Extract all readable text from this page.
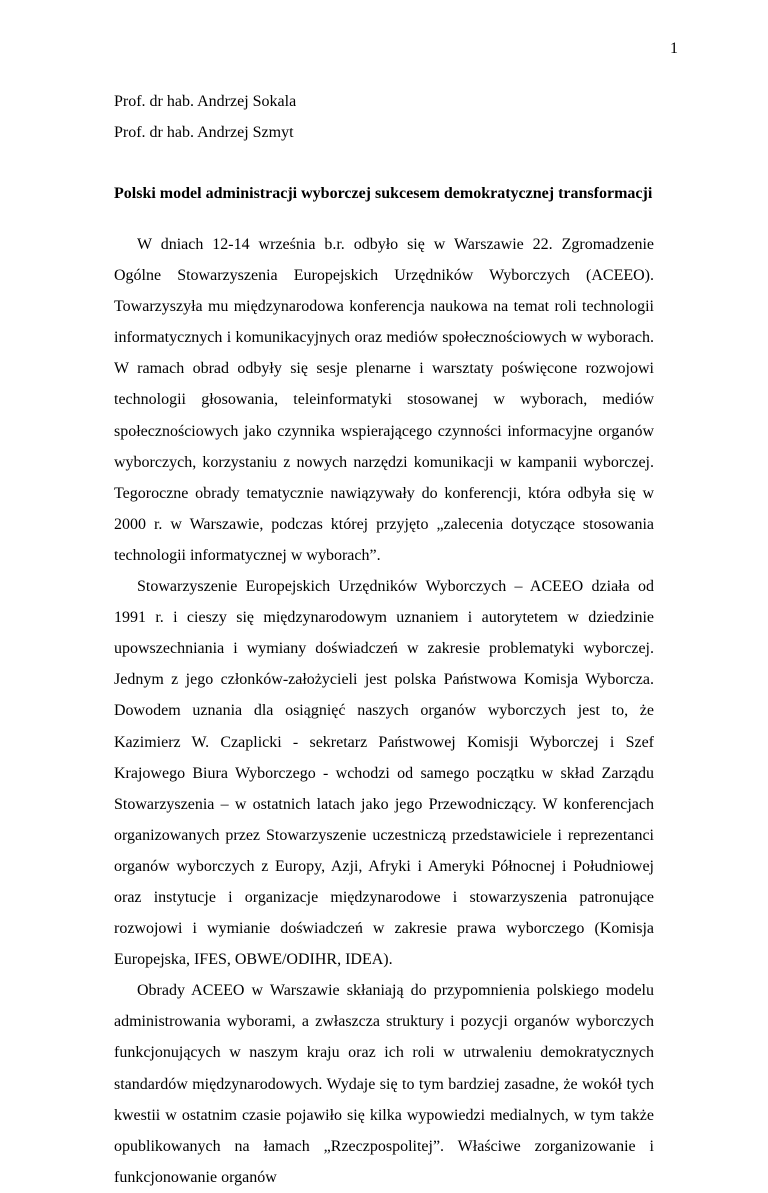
1
Prof. dr hab. Andrzej Sokala
Prof. dr hab. Andrzej Szmyt
Polski model administracji wyborczej sukcesem demokratycznej transformacji

W dniach 12-14 września b.r. odbyło się w Warszawie 22. Zgromadzenie Ogólne Stowarzyszenia Europejskich Urzędników Wyborczych (ACEEO). Towarzyszyła mu międzynarodowa konferencja naukowa na temat roli technologii informatycznych i komunikacyjnych oraz mediów społecznościowych w wyborach. W ramach obrad odbyły się sesje plenarne i warsztaty poświęcone rozwojowi technologii głosowania, teleinformatyki stosowanej w wyborach, mediów społecznościowych jako czynnika wspierającego czynności informacyjne organów wyborczych, korzystaniu z nowych narzędzi komunikacji w kampanii wyborczej. Tegoroczne obrady tematycznie nawiązywały do konferencji, która odbyła się w 2000 r. w Warszawie, podczas której przyjęto „zalecenia dotyczące stosowania technologii informatycznej w wyborach”.

Stowarzyszenie Europejskich Urzędników Wyborczych – ACEEO działa od 1991 r. i cieszy się międzynarodowym uznaniem i autorytetem w dziedzinie upowszechniania i wymiany doświadczeń w zakresie problematyki wyborczej. Jednym z jego członków-założycieli jest polska Państwowa Komisja Wyborcza. Dowodem uznania dla osiągnięć naszych organów wyborczych jest to, że Kazimierz W. Czaplicki - sekretarz Państwowej Komisji Wyborczej i Szef Krajowego Biura Wyborczego - wchodzi od samego początku w skład Zarządu Stowarzyszenia – w ostatnich latach jako jego Przewodniczący. W konferencjach organizowanych przez Stowarzyszenie uczestniczą przedstawiciele i reprezentanci organów wyborczych z Europy, Azji, Afryki i Ameryki Północnej i Południowej oraz instytucje i organizacje międzynarodowe i stowarzyszenia patronujące rozwojowi i wymianie doświadczeń w zakresie prawa wyborczego (Komisja Europejska, IFES, OBWE/ODIHR, IDEA).

Obrady ACEEO w Warszawie skłaniają do przypomnienia polskiego modelu administrowania wyborami, a zwłaszcza struktury i pozycji organów wyborczych funkcjonujących w naszym kraju oraz ich roli w utrwaleniu demokratycznych standardów międzynarodowych. Wydaje się to tym bardziej zasadne, że wokół tych kwestii w ostatnim czasie pojawiło się kilka wypowiedzi medialnych, w tym także opublikowanych na łamach „Rzeczpospolitej”. Właściwe zorganizowanie i funkcjonowanie organów
